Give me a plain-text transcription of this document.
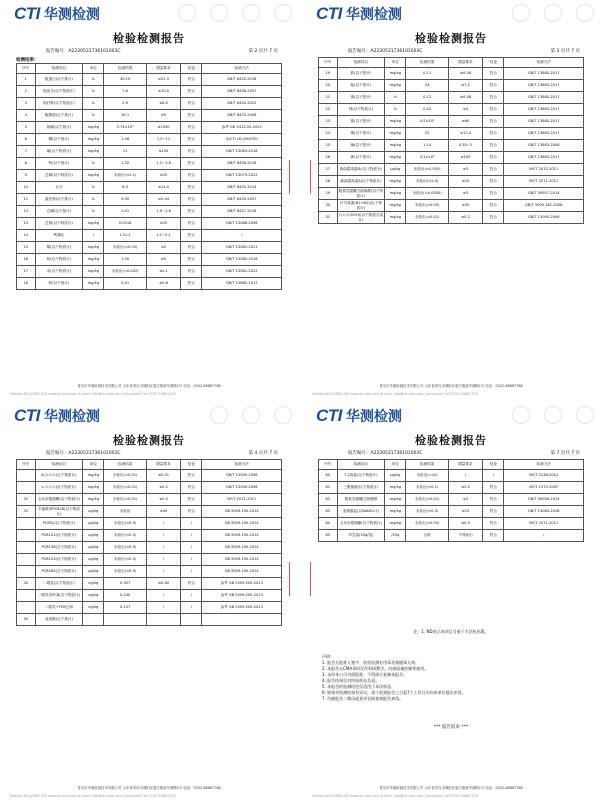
CTI 华测检测
检验检测报告
报告编号：A2230531736101003C	第 2 页共 7 页
检测结果：
序号	检测项目	单位	检测结果	限量要求	结论	检测方法
1	粗蛋白(以干基计)	%	30.19	≥22.5	符合	GB/T 6432-2018
2	粗灰分(以干物质计)	%	7.6	≤10.0	符合	GB/T 6438-2007
3	粗纤维(以干物质计)	%	2.9	≤6.0	符合	GB/T 6434-2022
4	粗脂肪(以干基计)	%	16.1	≥5	符合	GB/T 6433-2006
5	胆碱(以干基计)	mg/kg	5.74×10³	≥1500	符合	参考 GB 5413.20-2022
6	碘(以干基计)	mg/kg	2.46	1.0~11	符合	Q/CTI LD-QH0700
7	氟(以干物质计)	mg/kg	11	≤150	符合	GB/T 13083-2018
8	钙(以干基计)	%	1.32	1.2~1.8	符合	GB/T 6436-2018
9	总砷(以干物质计)	mg/kg	未检出(<0.1)	≤10	符合	GB/T 13079-2022
10	水分	%	6.3	≤14.0	符合	GB/T 6435-2014
11	氯化物(以干基计)	%	0.90	≥0.44	符合	GB/T 6439-2007
12	总磷(以干基计)	%	1.01	1.0~1.6	符合	GB/T 6437-2018
13	总铬(以干物质计)	mg/kg	0.0016	≤10	符合	GB/T 13088-2006
14	钙磷比	/	1.31:1	1:1~2:1	符合	/
15	镉(以干物质计)	mg/kg	未检出(<0.05)	≤2	符合	GB/T 13082-2021
16	铅(以干物质计)	mg/kg	1.00	≤5	符合	GB/T 13080-2018
17	汞(以干物质计)	mg/kg	未检出(<0.002)	≤0.1	符合	GB/T 13081-2022
18	锌(以干基计)	mg/kg	0.41	≥0.8	符合	GB/T 13885-2017
青岛市华测检测技术有限公司 山东省青岛市城阳区夏庄街道华测路1号 电话：0532-88887788
Hotline 400-6788-333 www.cti-cert.com E-mail: info@cti-cert.com Complaint Call 0755-33681700
CTI 华测检测
检验检测报告
报告编号：A2230531736101003C	第 3 页共 7 页
序号	检测项目	单位	检测结果	限量要求	结论	检测方法
19	铁(以干基计)	mg/kg	0.11	≥0.06	符合	GB/T 13885-2017
20	锰(以干基计)	mg/kg	24	≥7.2	符合	GB/T 13885-2017
21	钠(以干基计)	%	0.12	≥0.08	符合	GB/T 13885-2017
22	钾(以干物质计)	%	0.42	≤5	符合	GB/T 13885-2017
23	镁(以干基计)	mg/kg	4.5×10²	≥60	符合	GB/T 13885-2017
24	铜(以干基计)	mg/kg	25	≥12.4	符合	GB/T 13885-2017
25	硒(以干基计)	mg/kg	1.14	0.30~2	符合	GB/T 13883-2008
26	钾(以干基计)	mg/kg	3.1×10³	≥100	符合	GB/T 13885-2017
27	黄曲霉毒素B₁(以干物质计)	μg/kg	未检出(<0.005)	≤5	符合	NY/T 2070-2011
28	赭曲霉毒素A(以干物质计)	mg/kg	未检出(<2.0)	≤10	符合	NY/T 2071-2011
29	脱氧雪腐镰刀菌烯醇(以干物质计)	mg/kg	未检出(<0.0050)	≤5	符合	GB/T 30957-2014
30	伏马毒素(B1+B2)(以干物质计)	mg/kg	未检出(<0.05)	≤50	符合	GB/T 5009.162-2008
31	六六六(HCH)(以干物质含量计)	mg/kg	未检出(<0.01)	≤0.2	符合	GB/T 13090-2006
青岛市华测检测技术有限公司 山东省青岛市城阳区夏庄街道华测路1号 电话：0532-88887788
Hotline 400-6788-333 www.cti-cert.com E-mail: info@cti-cert.com Complaint Call 0755-33681700
CTI 华测检测
检验检测报告
报告编号：A2230531736101003C	第 4 页共 7 页
序号	检测项目	单位	检测结果	限量要求	结论	检测方法
	β-六六六(以干物质计)	mg/kg	未检出(<0.01)	≤0.01	符合	GB/T 13090-2006
	γ-六六六(以干物质计)	mg/kg	未检出(<0.01)	≤0.2	符合	GB/T 13090-2006
32	玉米赤霉烯酮(以干物质计)	mg/kg	未检出(<0.01)	≤0.5	符合	NY/T 2071-2011
33	多氯联苯PCB28(以干物质计)	μg/kg	未检出	≤40	符合	GB 5009.190-2014
	PCB52(以干物质计)	μg/kg	未检出(<0.5)	/	/	GB 5009.190-2014
	PCB101(以干物质计)	μg/kg	未检出(<0.5)	/	/	GB 5009.190-2014
	PCB138(以干物质计)	μg/kg	未检出(<0.5)	/	/	GB 5009.190-2014
	PCB153(以干物质计)	μg/kg	未检出(<0.5)	/	/	GB 5009.190-2014
	PCB180(以干物质计)	μg/kg	未检出(<0.5)	/	/	GB 5009.190-2014
34	二噁英(以干物质计)	ng/kg	0.307	≤0.60	符合	参考 GB 5009.205-2013
	二噁英类PCB(以干物质计)	ng/kg	0.240	/	/	参考 GB 5009.205-2013
	二噁英+PCB总和	ng/kg	0.147	/	/	参考 GB 5009.205-2013
35	亚油酸(以干基计)					
青岛市华测检测技术有限公司 山东省青岛市城阳区夏庄街道华测路1号 电话：0532-88887788
Hotline 400-6788-333 www.cti-cert.com E-mail: info@cti-cert.com Complaint Call 0755-33681700
CTI 华测检测
检验检测报告
报告编号：A2230531736101003C	第 7 页共 7 页
序号	检测项目	单位	检测结果	限量要求	结论	检测方法
60	T-2毒素(以干物质计)	μg/kg	未检出(<10)	/	/	NY/T 2136-2012
61	三聚氰胺(以干物质计)	mg/kg	未检出(<0.1)	≤2.5	符合	NY/T 1372-2007
62	脱氧雪腐镰刀菌烯醇	mg/kg	未检出(<0.01)	≤2	符合	GB/T 30956-2014
63	亚硝酸盐(以NaNO₂计)	mg/kg	未检出(<0.5)	≤15	符合	GB/T 13085-2018
64	玉米赤霉烯酮(以干物质计)	mg/kg	未检出(<0.05)	≤0.5	符合	NY/T 2071-2011
65	净含量(25g/袋)	/25g	合格	不得检出	符合	/
注：1. ND表示该项目当低于方法检出限。
声明：
1. 报告无批准人签字、检验检测专用章及骑缝章无效。
2. 本报告无CMA章时仅作科研教学、内部质量控制等使用。
3. 未经本公司书面批准，不得部分复制本报告。
4. 报告结果仅对所检样品负责。
5. 本报告的检测结论仅适用于本次样品。
6. 如果对检测结果有异议，请于收到报告之日起7个工作日内向本单位提出申诉。
7. 扫描报告二维码或登录官网查询报告真伪。
*** 报告结束 ***
青岛市华测检测技术有限公司 山东省青岛市城阳区夏庄街道华测路1号 电话：0532-88887788
Hotline 400-6788-333 www.cti-cert.com E-mail: info@cti-cert.com Complaint Call 0755-33681700
